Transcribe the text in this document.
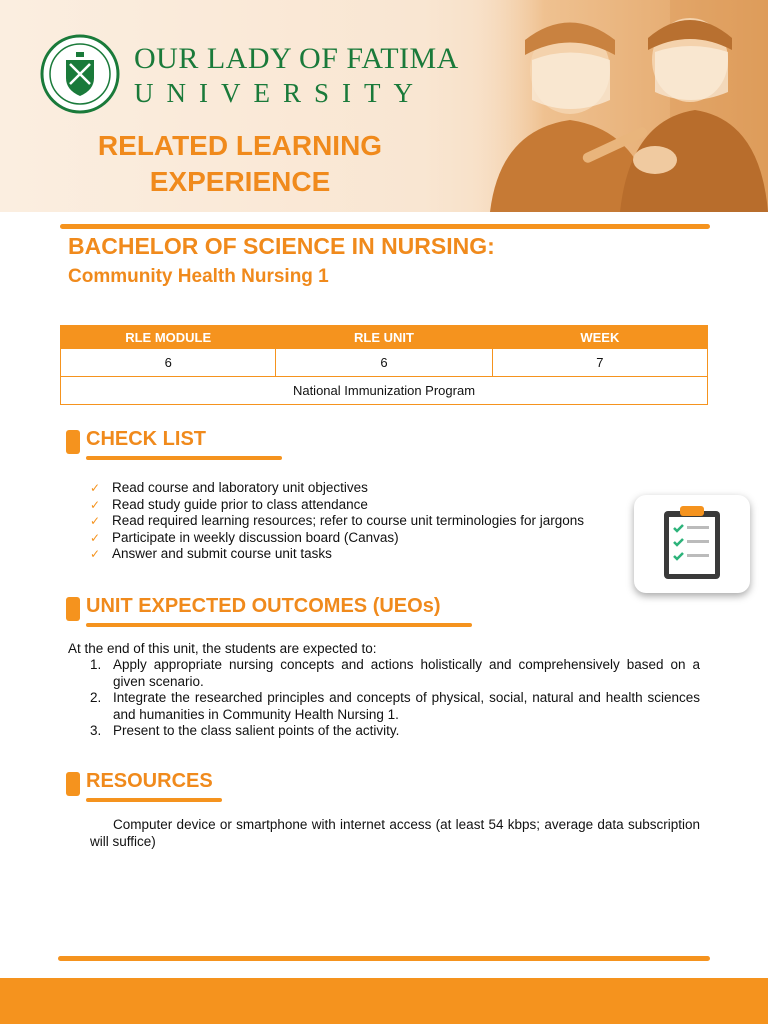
OUR LADY OF FATIMA
UNIVERSITY
RELATED LEARNING
EXPERIENCE
BACHELOR OF SCIENCE IN NURSING:
Community Health Nursing 1
RLE MODULE	RLE UNIT	WEEK
6	6	7
National Immunization Program		
CHECK LIST
✓ Read course and laboratory unit objectives
✓ Read study guide prior to class attendance
✓ Read required learning resources; refer to course unit terminologies for jargons
✓ Participate in weekly discussion board (Canvas)
✓ Answer and submit course unit tasks
UNIT EXPECTED OUTCOMES (UEOs)
At the end of this unit, the students are expected to:
1. Apply appropriate nursing concepts and actions holistically and comprehensively based on a given scenario.
2. Integrate the researched principles and concepts of physical, social, natural and health sciences and humanities in Community Health Nursing 1.
3. Present to the class salient points of the activity.
RESOURCES
Computer device or smartphone with internet access (at least 54 kbps; average data subscription will suffice)
